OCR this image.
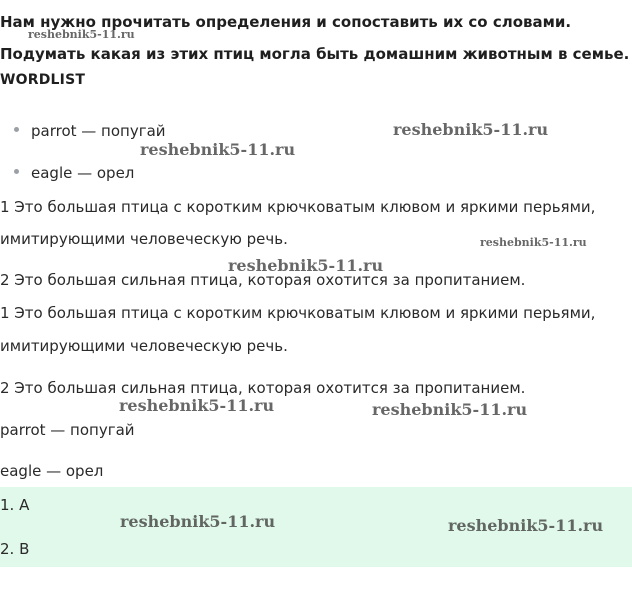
Нам нужно прочитать определения и сопоставить их со словами. Подумать какая из этих птиц могла быть домашним животным в семье.
WORDLIST
parrot — попугай
eagle — орел
1 Это большая птица с коротким крючковатым клювом и яркими перьями,
имитирующими человеческую речь.
2 Это большая сильная птица, которая охотится за пропитанием.
1 Это большая птица с коротким крючковатым клювом и яркими перьями,
имитирующими человеческую речь.
2 Это большая сильная птица, которая охотится за пропитанием.
parrot — попугай
eagle — орел
1. A
2. B
reshebnik5-11.ru
reshebnik5-11.ru
reshebnik5-11.ru
reshebnik5-11.ru
reshebnik5-11.ru
reshebnik5-11.ru	reshebnik5-11.ru
reshebnik5-11.ru	reshebnik5-11.ru
